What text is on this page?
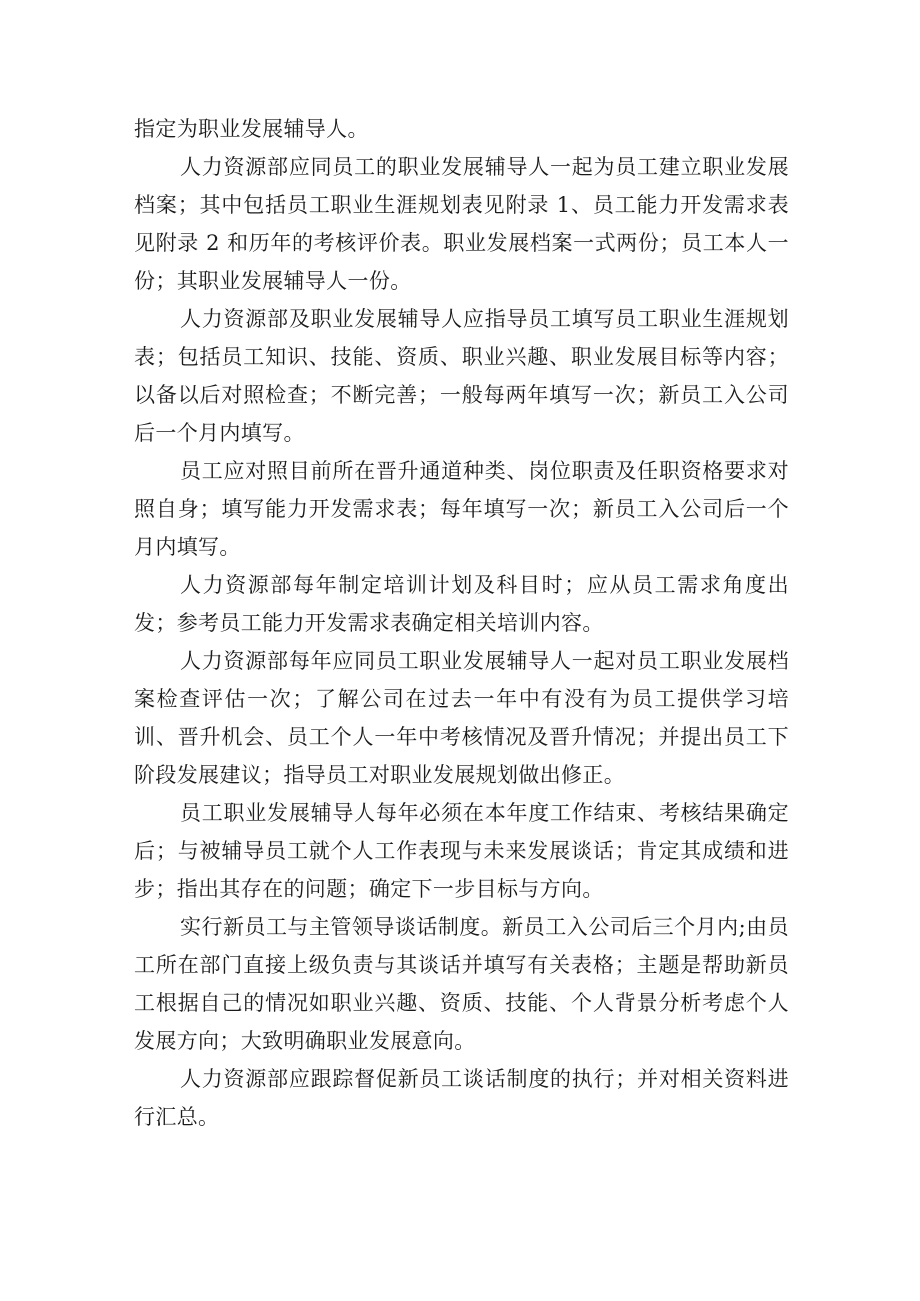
指定为职业发展辅导人。

人力资源部应同员工的职业发展辅导人一起为员工建立职业发展档案；其中包括员工职业生涯规划表见附录 1、员工能力开发需求表见附录 2 和历年的考核评价表。职业发展档案一式两份；员工本人一份；其职业发展辅导人一份。

人力资源部及职业发展辅导人应指导员工填写员工职业生涯规划表；包括员工知识、技能、资质、职业兴趣、职业发展目标等内容；以备以后对照检查；不断完善；一般每两年填写一次；新员工入公司后一个月内填写。

员工应对照目前所在晋升通道种类、岗位职责及任职资格要求对照自身；填写能力开发需求表；每年填写一次；新员工入公司后一个月内填写。

人力资源部每年制定培训计划及科目时；应从员工需求角度出发；参考员工能力开发需求表确定相关培训内容。

人力资源部每年应同员工职业发展辅导人一起对员工职业发展档案检查评估一次；了解公司在过去一年中有没有为员工提供学习培训、晋升机会、员工个人一年中考核情况及晋升情况；并提出员工下阶段发展建议；指导员工对职业发展规划做出修正。

员工职业发展辅导人每年必须在本年度工作结束、考核结果确定后；与被辅导员工就个人工作表现与未来发展谈话；肯定其成绩和进步；指出其存在的问题；确定下一步目标与方向。

实行新员工与主管领导谈话制度。新员工入公司后三个月内;由员工所在部门直接上级负责与其谈话并填写有关表格；主题是帮助新员工根据自己的情况如职业兴趣、资质、技能、个人背景分析考虑个人发展方向；大致明确职业发展意向。

人力资源部应跟踪督促新员工谈话制度的执行；并对相关资料进行汇总。
